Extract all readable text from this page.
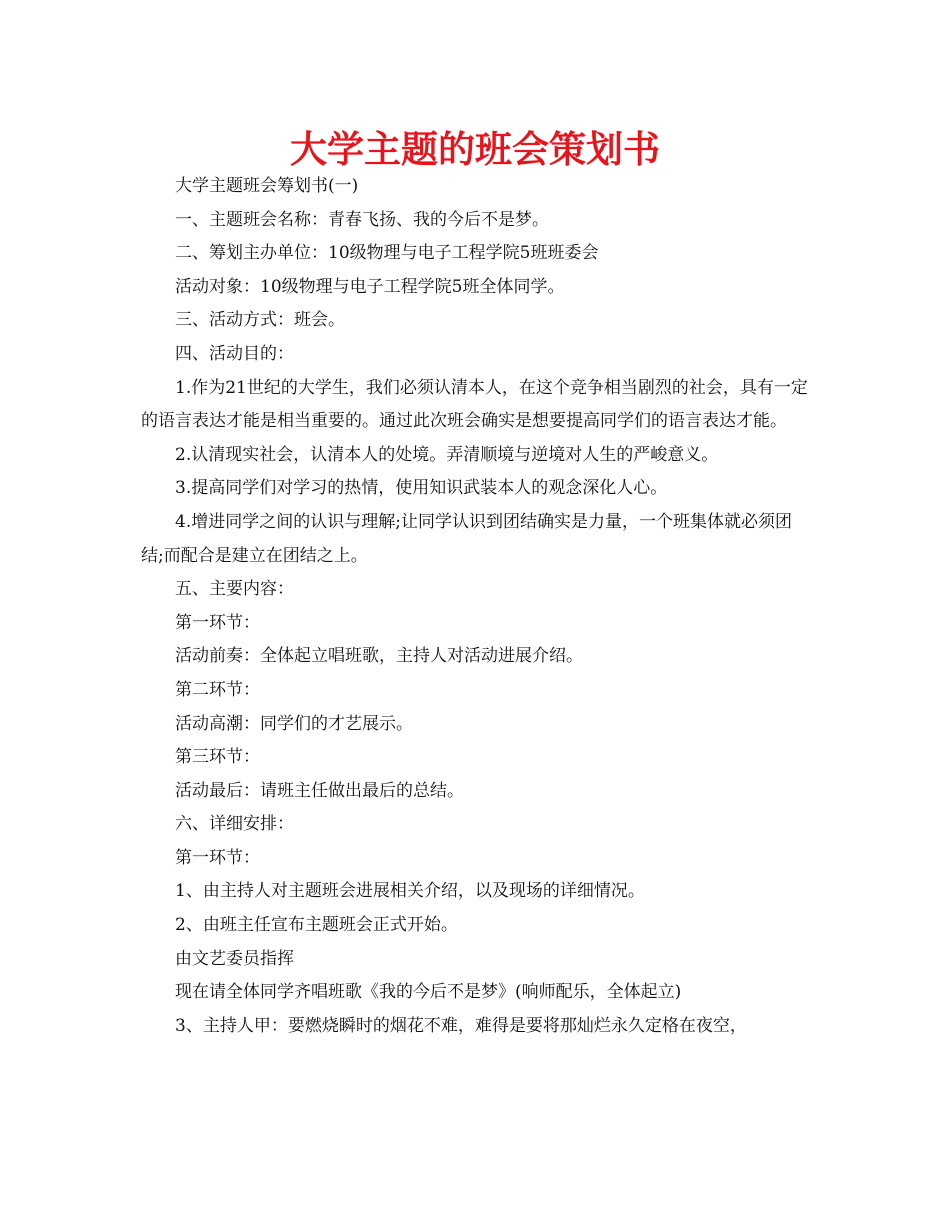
大学主题的班会策划书

大学主题班会筹划书(一)

一、主题班会名称：青春飞扬、我的今后不是梦。

二、筹划主办单位：10级物理与电子工程学院5班班委会

活动对象：10级物理与电子工程学院5班全体同学。

三、活动方式：班会。

四、活动目的：

1.作为21世纪的大学生，我们必须认清本人，在这个竞争相当剧烈的社会，具有一定的语言表达才能是相当重要的。通过此次班会确实是想要提高同学们的语言表达才能。

2.认清现实社会，认清本人的处境。弄清顺境与逆境对人生的严峻意义。

3.提高同学们对学习的热情，使用知识武装本人的观念深化人心。

4.增进同学之间的认识与理解;让同学认识到团结确实是力量，一个班集体就必须团结;而配合是建立在团结之上。

五、主要内容：

第一环节：

活动前奏：全体起立唱班歌，主持人对活动进展介绍。

第二环节：

活动高潮：同学们的才艺展示。

第三环节：

活动最后：请班主任做出最后的总结。

六、详细安排：

第一环节：

1、由主持人对主题班会进展相关介绍，以及现场的详细情况。

2、由班主任宣布主题班会正式开始。

由文艺委员指挥

现在请全体同学齐唱班歌《我的今后不是梦》(响师配乐，全体起立)

3、主持人甲：要燃烧瞬时的烟花不难，难得是要将那灿烂永久定格在夜空，
